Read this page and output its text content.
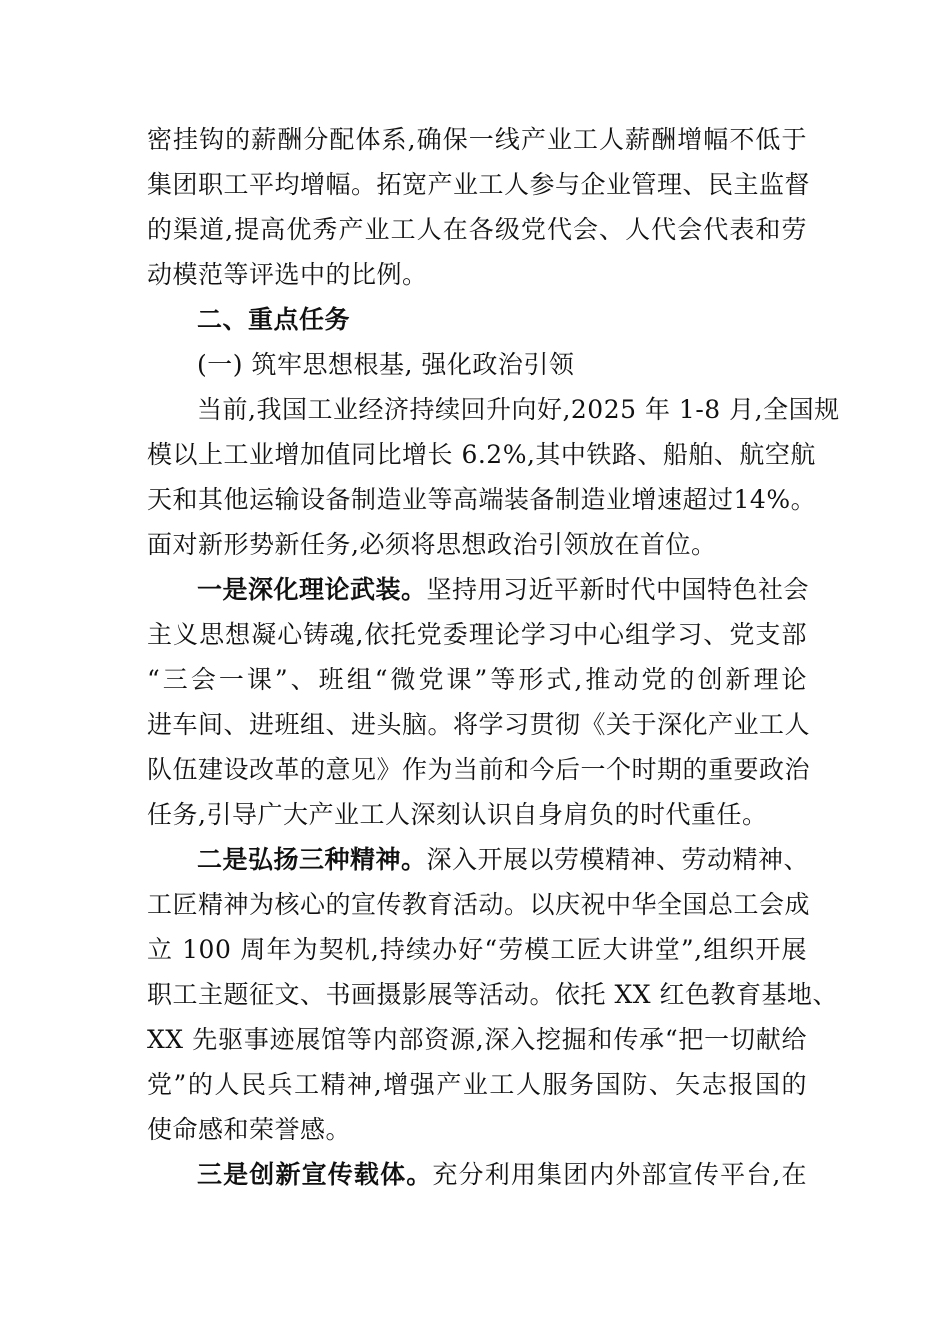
密挂钩的薪酬分配体系,确保一线产业工人薪酬增幅不低于
集团职工平均增幅。拓宽产业工人参与企业管理、民主监督
的渠道,提高优秀产业工人在各级党代会、人代会代表和劳
动模范等评选中的比例。
二、重点任务
(一) 筑牢思想根基, 强化政治引领
当前,我国工业经济持续回升向好,2025 年 1-8 月,全国规
模以上工业增加值同比增长 6.2%,其中铁路、船舶、航空航
天和其他运输设备制造业等高端装备制造业增速超过14%。
面对新形势新任务,必须将思想政治引领放在首位。
一是深化理论武装。坚持用习近平新时代中国特色社会
主义思想凝心铸魂,依托党委理论学习中心组学习、党支部
“三会一课”、班组“微党课”等形式,推动党的创新理论
进车间、进班组、进头脑。将学习贯彻《关于深化产业工人
队伍建设改革的意见》作为当前和今后一个时期的重要政治
任务,引导广大产业工人深刻认识自身肩负的时代重任。
二是弘扬三种精神。深入开展以劳模精神、劳动精神、
工匠精神为核心的宣传教育活动。以庆祝中华全国总工会成
立 100 周年为契机,持续办好“劳模工匠大讲堂”,组织开展
职工主题征文、书画摄影展等活动。依托 XX 红色教育基地、
XX 先驱事迹展馆等内部资源,深入挖掘和传承“把一切献给
党”的人民兵工精神,增强产业工人服务国防、矢志报国的
使命感和荣誉感。
三是创新宣传载体。充分利用集团内外部宣传平台,在
